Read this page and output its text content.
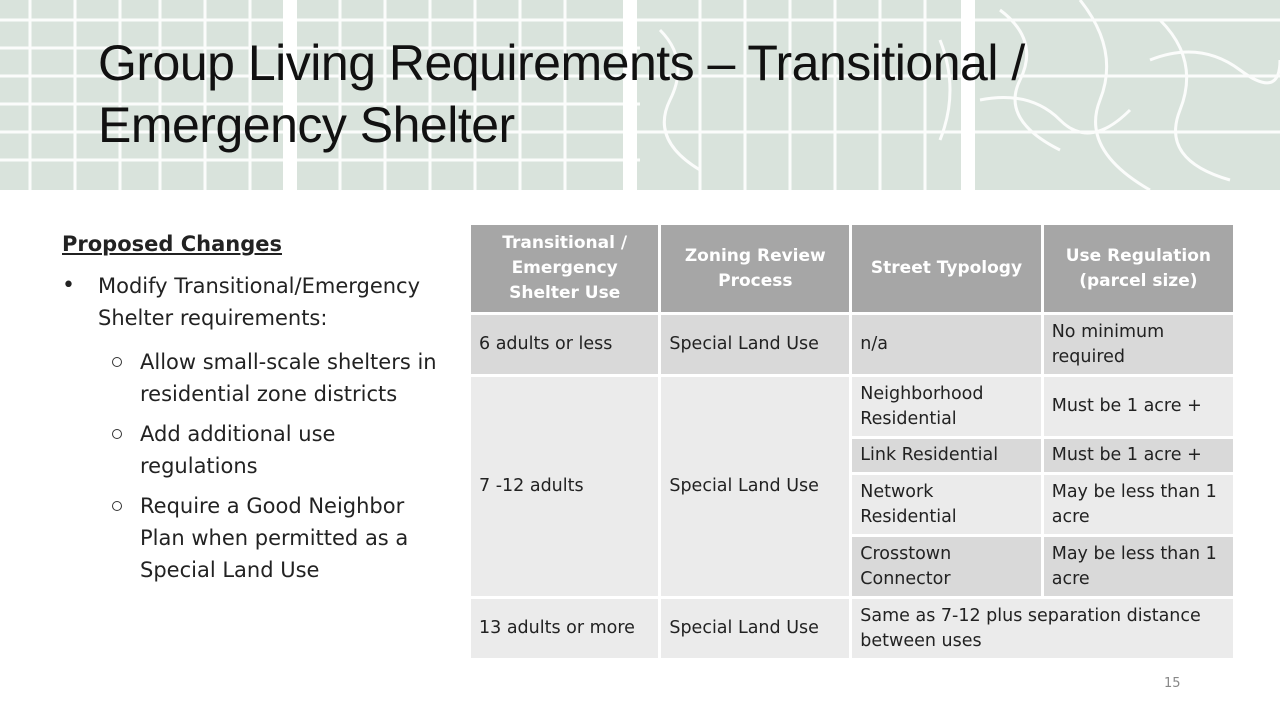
Group Living Requirements – Transitional /
Emergency Shelter

Proposed Changes

• Modify Transitional/Emergency Shelter requirements:

Allow small-scale shelters in residential zone districts
Add additional use regulations
Require a Good Neighbor Plan when permitted as a Special Land Use
Transitional / Emergency Shelter Use	Zoning Review Process	Street Typology	Use Regulation (parcel size)
6 adults or less	Special Land Use	n/a	No minimum required
7 -12 adults	Special Land Use	Neighborhood Residential	Must be 1 acre +
		Link Residential	Must be 1 acre +
		Network Residential	May be less than 1 acre
		Crosstown Connector	May be less than 1 acre
13 adults or more	Special Land Use	Same as 7-12 plus separation distance between uses	
15
